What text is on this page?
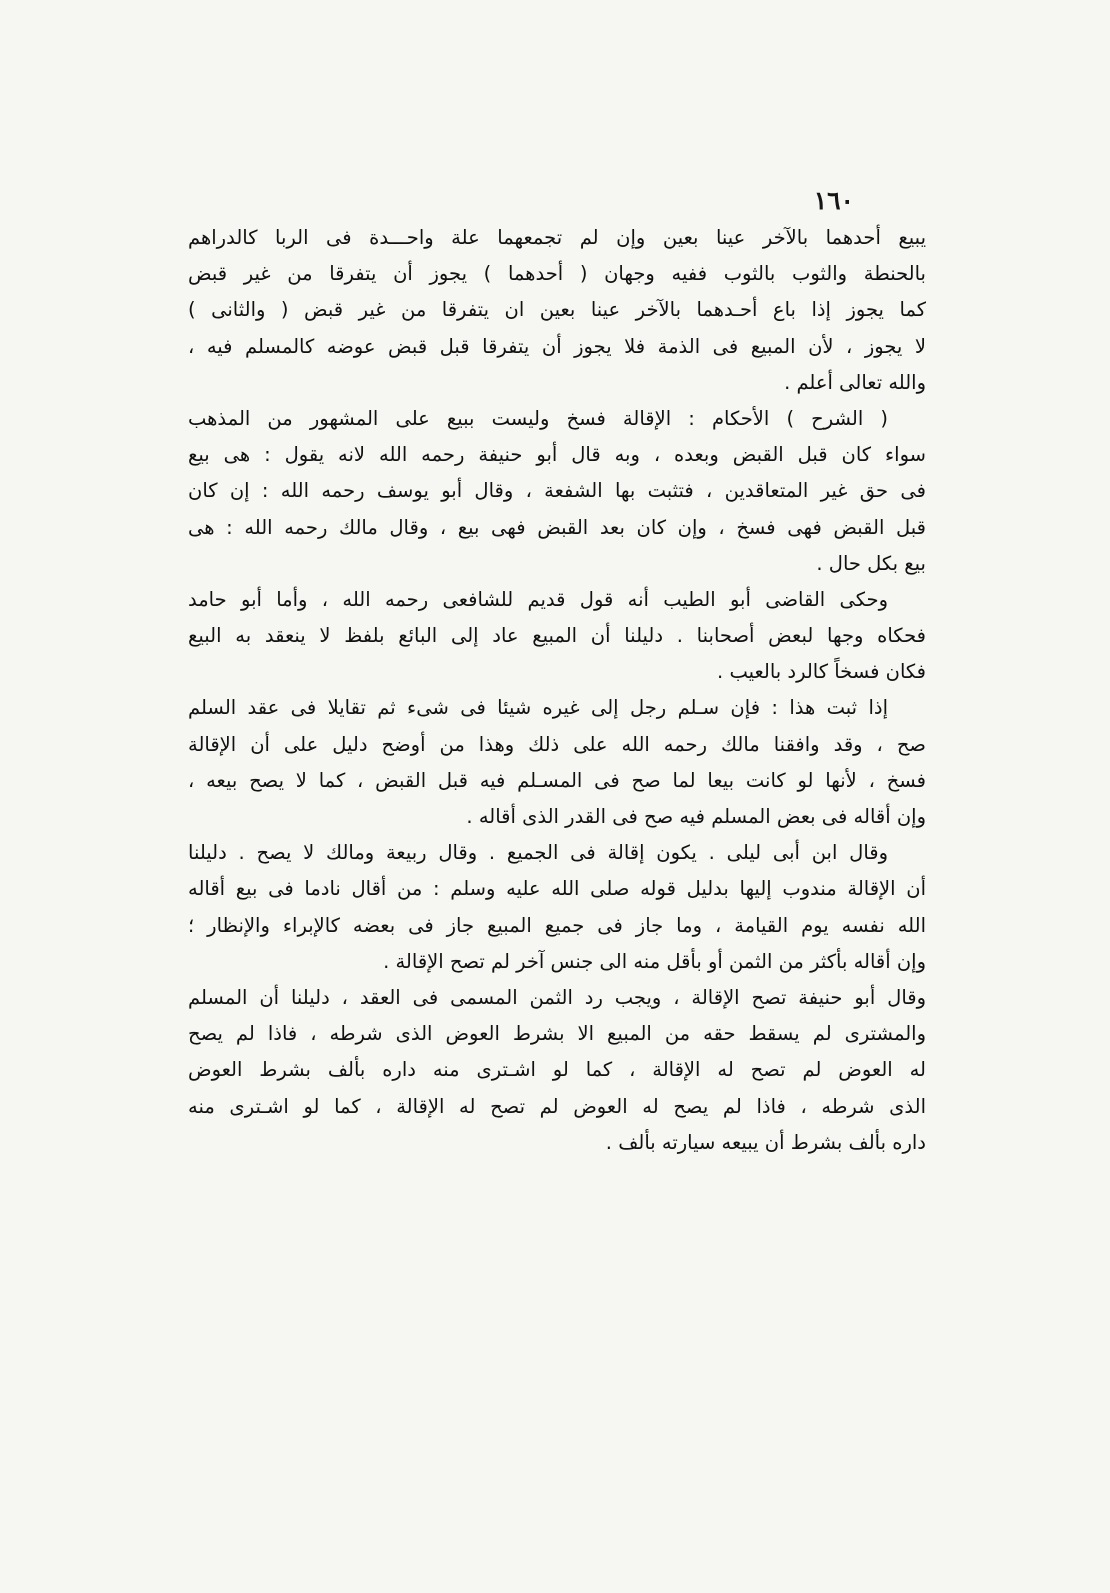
١٦٠
يبيع أحدهما بالآخر عينا بعين وإن لم تجمعهما علة واحـــدة فى الربا كالدراهم
بالحنطة والثوب بالثوب ففيه وجهان ( أحدهما ) يجوز أن يتفرقا من غير قبض
كما يجوز إذا باع أحـدهما بالآخر عينا بعين ان يتفرقا من غير قبض ( والثانى )
لا يجوز ، لأن المبيع فى الذمة فلا يجوز أن يتفرقا قبل قبض عوضه كالمسلم فيه ،
والله تعالى أعلم .
( الشرح ) الأحكام : الإقالة فسخ وليست ببيع على المشهور من المذهب
سواء كان قبل القبض وبعده ، وبه قال أبو حنيفة رحمه الله لانه يقول : هى بيع
فى حق غير المتعاقدين ، فتثبت بها الشفعة ، وقال أبو يوسف رحمه الله : إن كان
قبل القبض فهى فسخ ، وإن كان بعد القبض فهى بيع ، وقال مالك رحمه الله : هى
بيع بكل حال .
وحكى القاضى أبو الطيب أنه قول قديم للشافعى رحمه الله ، وأما أبو حامد
فحكاه وجها لبعض أصحابنا . دليلنا أن المبيع عاد إلى البائع بلفظ لا ينعقد به البيع
فكان فسخاً كالرد بالعيب .
إذا ثبت هذا : فإن سـلم رجل إلى غيره شيئا فى شىء ثم تقايلا فى عقد السلم
صح ، وقد وافقنا مالك رحمه الله على ذلك وهذا من أوضح دليل على أن الإقالة
فسخ ، لأنها لو كانت بيعا لما صح فى المسـلم فيه قبل القبض ، كما لا يصح بيعه ،
وإن أقاله فى بعض المسلم فيه صح فى القدر الذى أقاله .
وقال ابن أبى ليلى . يكون إقالة فى الجميع . وقال ربيعة ومالك لا يصح . دليلنا
أن الإقالة مندوب إليها بدليل قوله صلى الله عليه وسلم : من أقال نادما فى بيع أقاله
الله نفسه يوم القيامة ، وما جاز فى جميع المبيع جاز فى بعضه كالإبراء والإنظار ؛
وإن أقاله بأكثر من الثمن أو بأقل منه الى جنس آخر لم تصح الإقالة .
وقال أبو حنيفة تصح الإقالة ، ويجب رد الثمن المسمى فى العقد ، دليلنا أن المسلم
والمشترى لم يسقط حقه من المبيع الا بشرط العوض الذى شرطه ، فاذا لم يصح
له العوض لم تصح له الإقالة ، كما لو اشـترى منه داره بألف بشرط العوض
الذى شرطه ، فاذا لم يصح له العوض لم تصح له الإقالة ، كما لو اشـترى منه
داره بألف بشرط أن يبيعه سيارته بألف .
